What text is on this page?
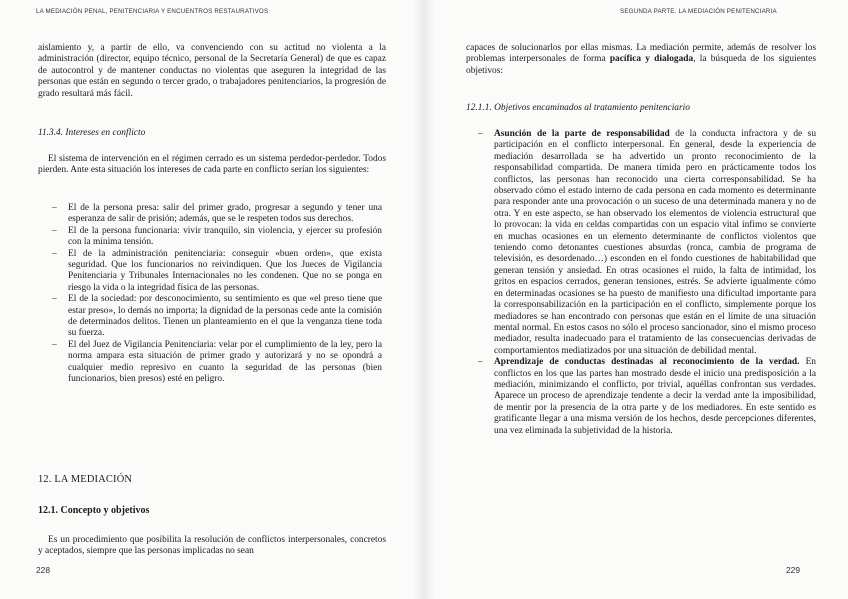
LA MEDIACIÓN PENAL, PENITENCIARIA Y ENCUENTROS RESTAURATIVOS

aislamiento y, a partir de ello, va convenciendo con su actitud no violenta a la administración (director, equipo técnico, personal de la Secretaría General) de que es capaz de autocontrol y de mantener conductas no violentas que aseguren la integridad de las personas que están en segundo o tercer grado, o trabajadores penitenciarios, la progresión de grado resultará más fácil.

11.3.4. Intereses en conflicto

El sistema de intervención en el régimen cerrado es un sistema perdedor-perdedor. Todos pierden. Ante esta situación los intereses de cada parte en conflicto serían los siguientes:

– El de la persona presa: salir del primer grado, progresar a segundo y tener una esperanza de salir de prisión; además, que se le respeten todos sus derechos.
– El de la persona funcionaria: vivir tranquilo, sin violencia, y ejercer su profesión con la mínima tensión.
– El de la administración penitenciaria: conseguir «buen orden», que exista seguridad. Que los funcionarios no reivindiquen. Que los Jueces de Vigilancia Penitenciaria y Tribunales Internacionales no les condenen. Que no se ponga en riesgo la vida o la integridad física de las personas.
– El de la sociedad: por desconocimiento, su sentimiento es que «el preso tiene que estar preso», lo demás no importa; la dignidad de la personas cede ante la comisión de determinados delitos. Tienen un planteamiento en el que la venganza tiene toda su fuerza.
– El del Juez de Vigilancia Penitenciaria: velar por el cumplimiento de la ley, pero la norma ampara esta situación de primer grado y autorizará y no se opondrá a cualquier medio represivo en cuanto la seguridad de las personas (bien funcionarios, bien presos) esté en peligro.

12. LA MEDIACIÓN

12.1. Concepto y objetivos

Es un procedimiento que posibilita la resolución de conflictos interpersonales, concretos y aceptados, siempre que las personas implicadas no sean

228
SEGUNDA PARTE. LA MEDIACIÓN PENITENCIARIA

capaces de solucionarlos por ellas mismas. La mediación permite, además de resolver los problemas interpersonales de forma pacífica y dialogada, la búsqueda de los siguientes objetivos:

12.1.1. Objetivos encaminados al tratamiento penitenciario

– Asunción de la parte de responsabilidad de la conducta infractora y de su participación en el conflicto interpersonal. En general, desde la experiencia de mediación desarrollada se ha advertido un pronto reconocimiento de la responsabilidad compartida. De manera tímida pero en prácticamente todos los conflictos, las personas han reconocido una cierta corresponsabilidad. Se ha observado cómo el estado interno de cada persona en cada momento es determinante para responder ante una provocación o un suceso de una determinada manera y no de otra. Y en este aspecto, se han observado los elementos de violencia estructural que lo provocan: la vida en celdas compartidas con un espacio vital ínfimo se convierte en muchas ocasiones en un elemento determinante de conflictos violentos que teniendo como detonantes cuestiones absurdas (ronca, cambia de programa de televisión, es desordenado…) esconden en el fondo cuestiones de habitabilidad que generan tensión y ansiedad. En otras ocasiones el ruido, la falta de intimidad, los gritos en espacios cerrados, generan tensiones, estrés. Se advierte igualmente cómo en determinadas ocasiones se ha puesto de manifiesto una dificultad importante para la corresponsabilización en la participación en el conflicto, simplemente porque los mediadores se han encontrado con personas que están en el límite de una situación mental normal. En estos casos no sólo el proceso sancionador, sino el mismo proceso mediador, resulta inadecuado para el tratamiento de las consecuencias derivadas de comportamientos mediatizados por una situación de debilidad mental.
– Aprendizaje de conductas destinadas al reconocimiento de la verdad. En conflictos en los que las partes han mostrado desde el inicio una predisposición a la mediación, minimizando el conflicto, por trivial, aquéllas confrontan sus verdades. Aparece un proceso de aprendizaje tendente a decir la verdad ante la imposibilidad, de mentir por la presencia de la otra parte y de los mediadores. En este sentido es gratificante llegar a una misma versión de los hechos, desde percepciones diferentes, una vez eliminada la subjetividad de la historia.
229
